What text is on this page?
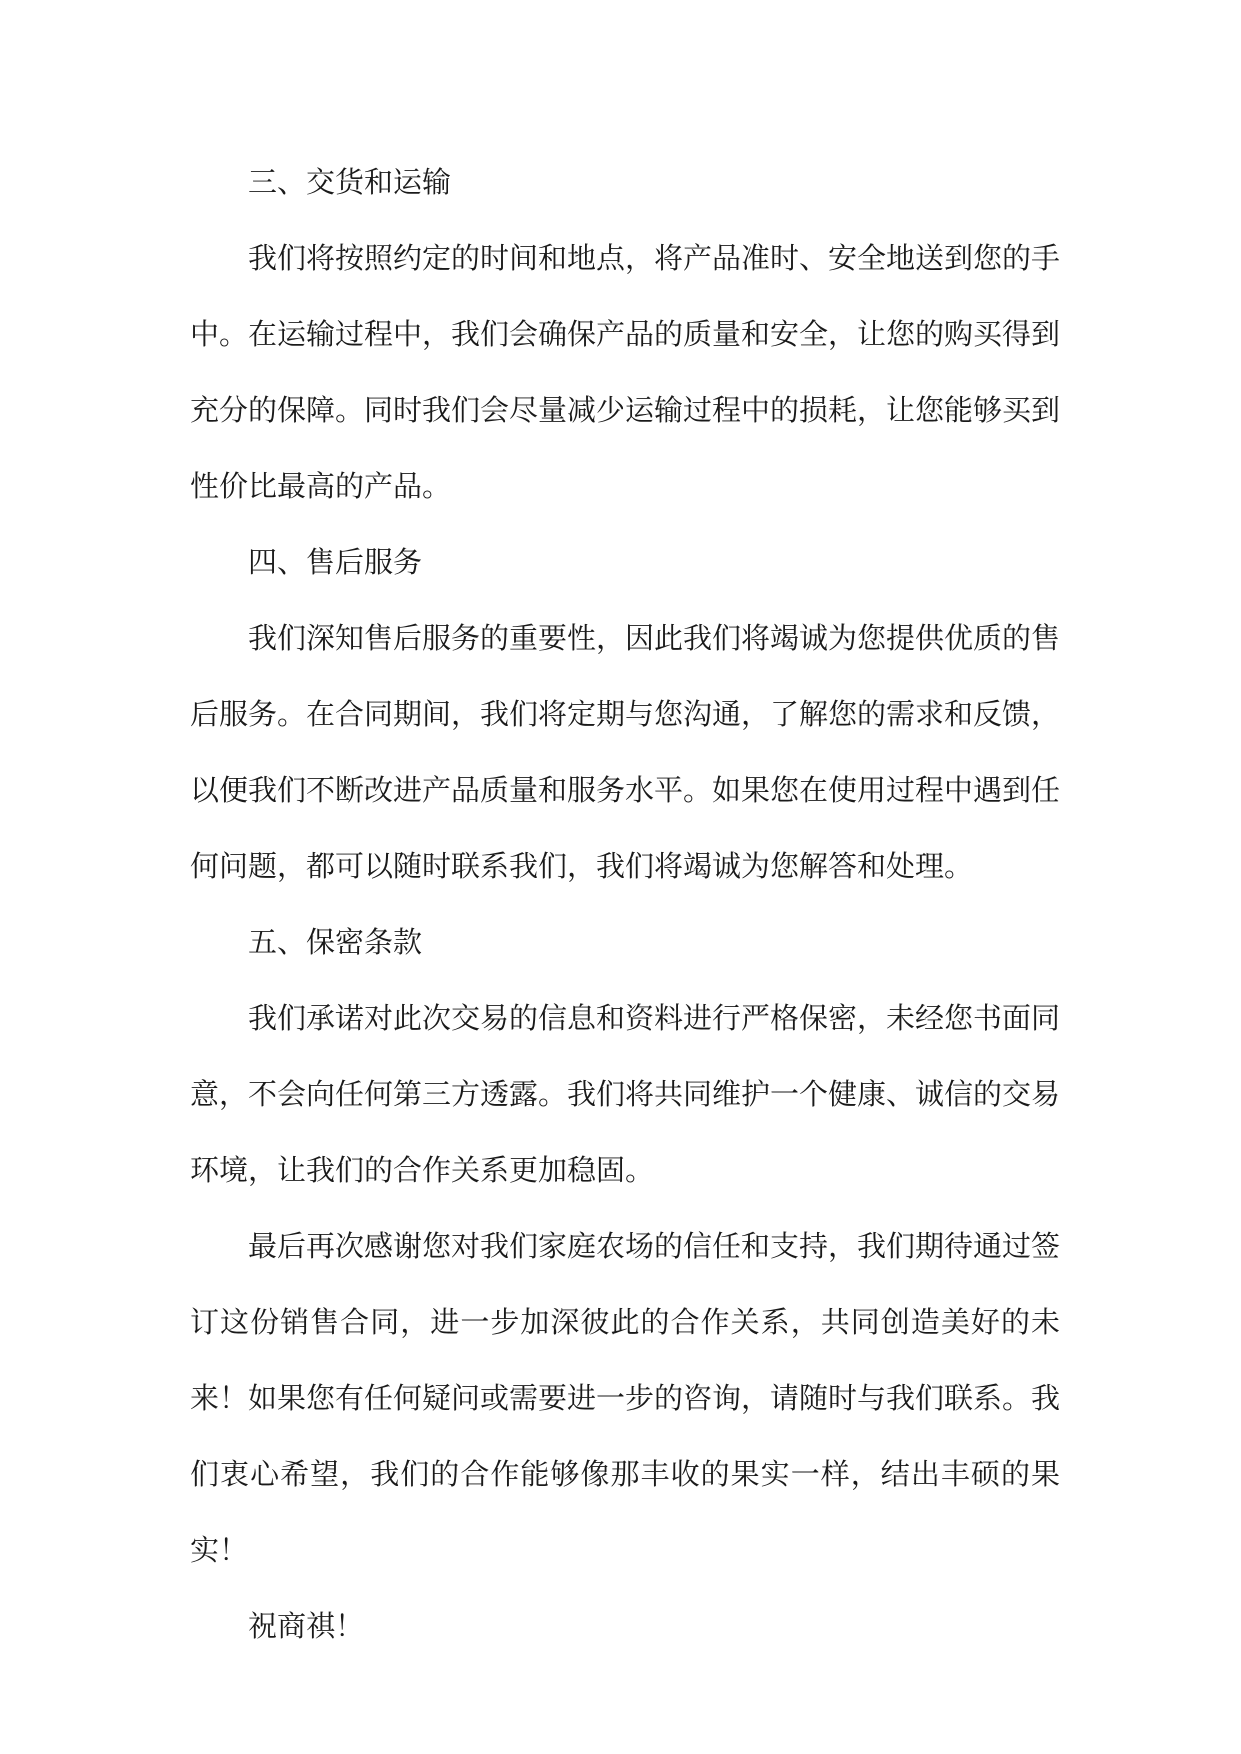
三、交货和运输

我们将按照约定的时间和地点，将产品准时、安全地送到您的手中。在运输过程中，我们会确保产品的质量和安全，让您的购买得到充分的保障。同时我们会尽量减少运输过程中的损耗，让您能够买到性价比最高的产品。

四、售后服务

我们深知售后服务的重要性，因此我们将竭诚为您提供优质的售后服务。在合同期间，我们将定期与您沟通，了解您的需求和反馈，以便我们不断改进产品质量和服务水平。如果您在使用过程中遇到任何问题，都可以随时联系我们，我们将竭诚为您解答和处理。

五、保密条款

我们承诺对此次交易的信息和资料进行严格保密，未经您书面同意，不会向任何第三方透露。我们将共同维护一个健康、诚信的交易环境，让我们的合作关系更加稳固。

最后再次感谢您对我们家庭农场的信任和支持，我们期待通过签订这份销售合同，进一步加深彼此的合作关系，共同创造美好的未来！如果您有任何疑问或需要进一步的咨询，请随时与我们联系。我们衷心希望，我们的合作能够像那丰收的果实一样，结出丰硕的果实！

祝商祺！
